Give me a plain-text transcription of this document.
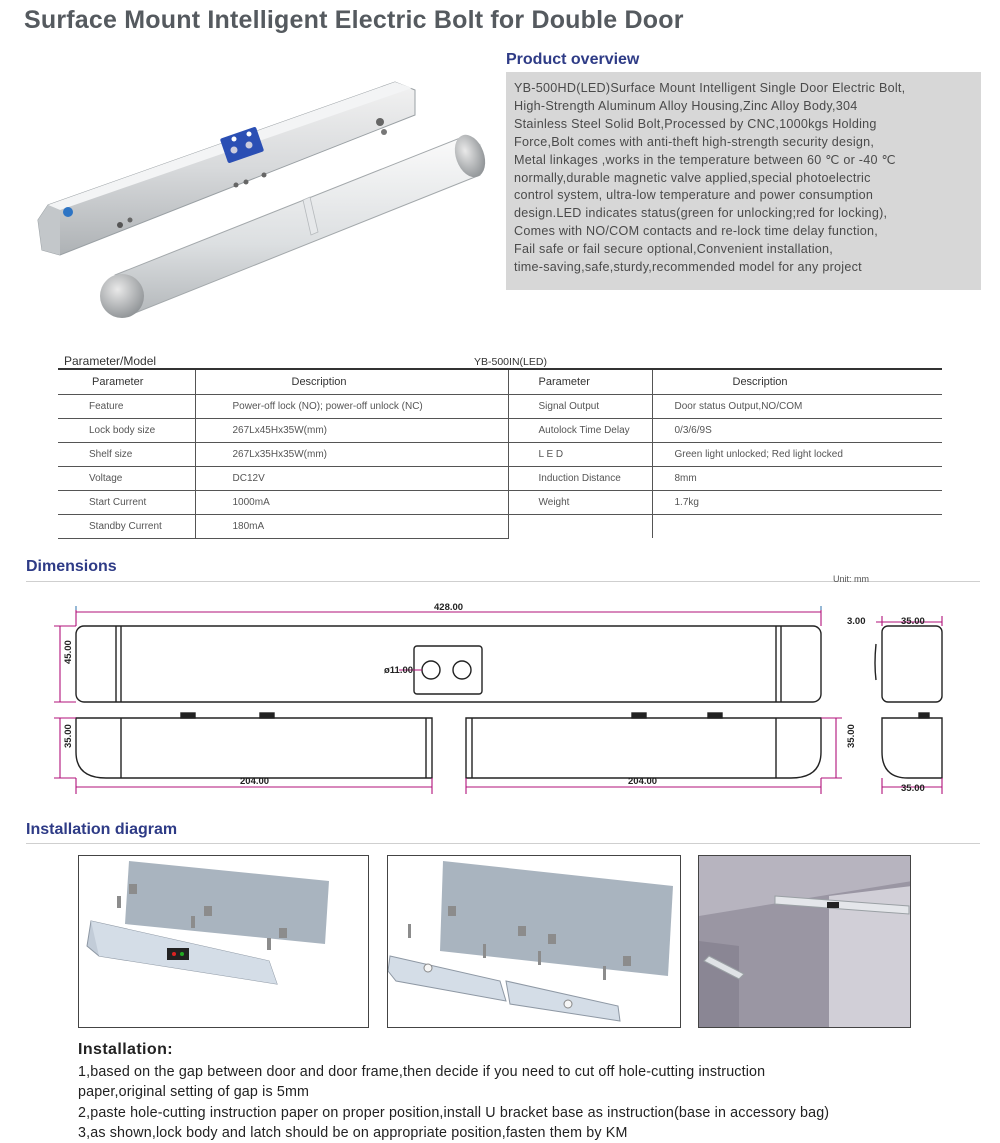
Surface Mount Intelligent Electric Bolt for Double Door
Product overview
YB-500HD(LED)Surface Mount Intelligent Single Door Electric Bolt,
High-Strength Aluminum Alloy Housing,Zinc Alloy Body,304
Stainless Steel Solid Bolt,Processed by CNC,1000kgs Holding
Force,Bolt comes with anti-theft high-strength security design,
Metal linkages ,works in the temperature between 60 ℃ or -40 ℃
normally,durable magnetic valve applied,special photoelectric
control system, ultra-low temperature and power consumption
design.LED indicates status(green for unlocking;red for locking),
Comes with NO/COM contacts and re-lock time delay function,
Fail safe or fail secure optional,Convenient installation,
time-saving,safe,sturdy,recommended model for any project
Parameter/Model	YB-500IN(LED)
Parameter	Description	Parameter	Description
Feature	Power-off lock (NO); power-off unlock (NC)	Signal Output	Door status Output,NO/COM
Lock body size	267Lx45Hx35W(mm)	Autolock Time Delay	0/3/6/9S
Shelf size	267Lx35Hx35W(mm)	L E D	Green light unlocked; Red light locked
Voltage	DC12V	Induction Distance	8mm
Start Current	1000mA	Weight	1.7kg
Standby Current	180mA		
Dimensions
Unit: mm
428.00
ø11.00
45.00
35.00
204.00	204.00
35.00
3.00	35.00
35.00
Installation diagram
Installation:
1,based on the gap between door and door frame,then decide if you need to cut off hole-cutting instruction
paper,original setting of gap is 5mm
2,paste hole-cutting instruction paper on proper position,install U bracket base as instruction(base in accessory bag)
3,as shown,lock body and latch should be on appropriate position,fasten them by KM
